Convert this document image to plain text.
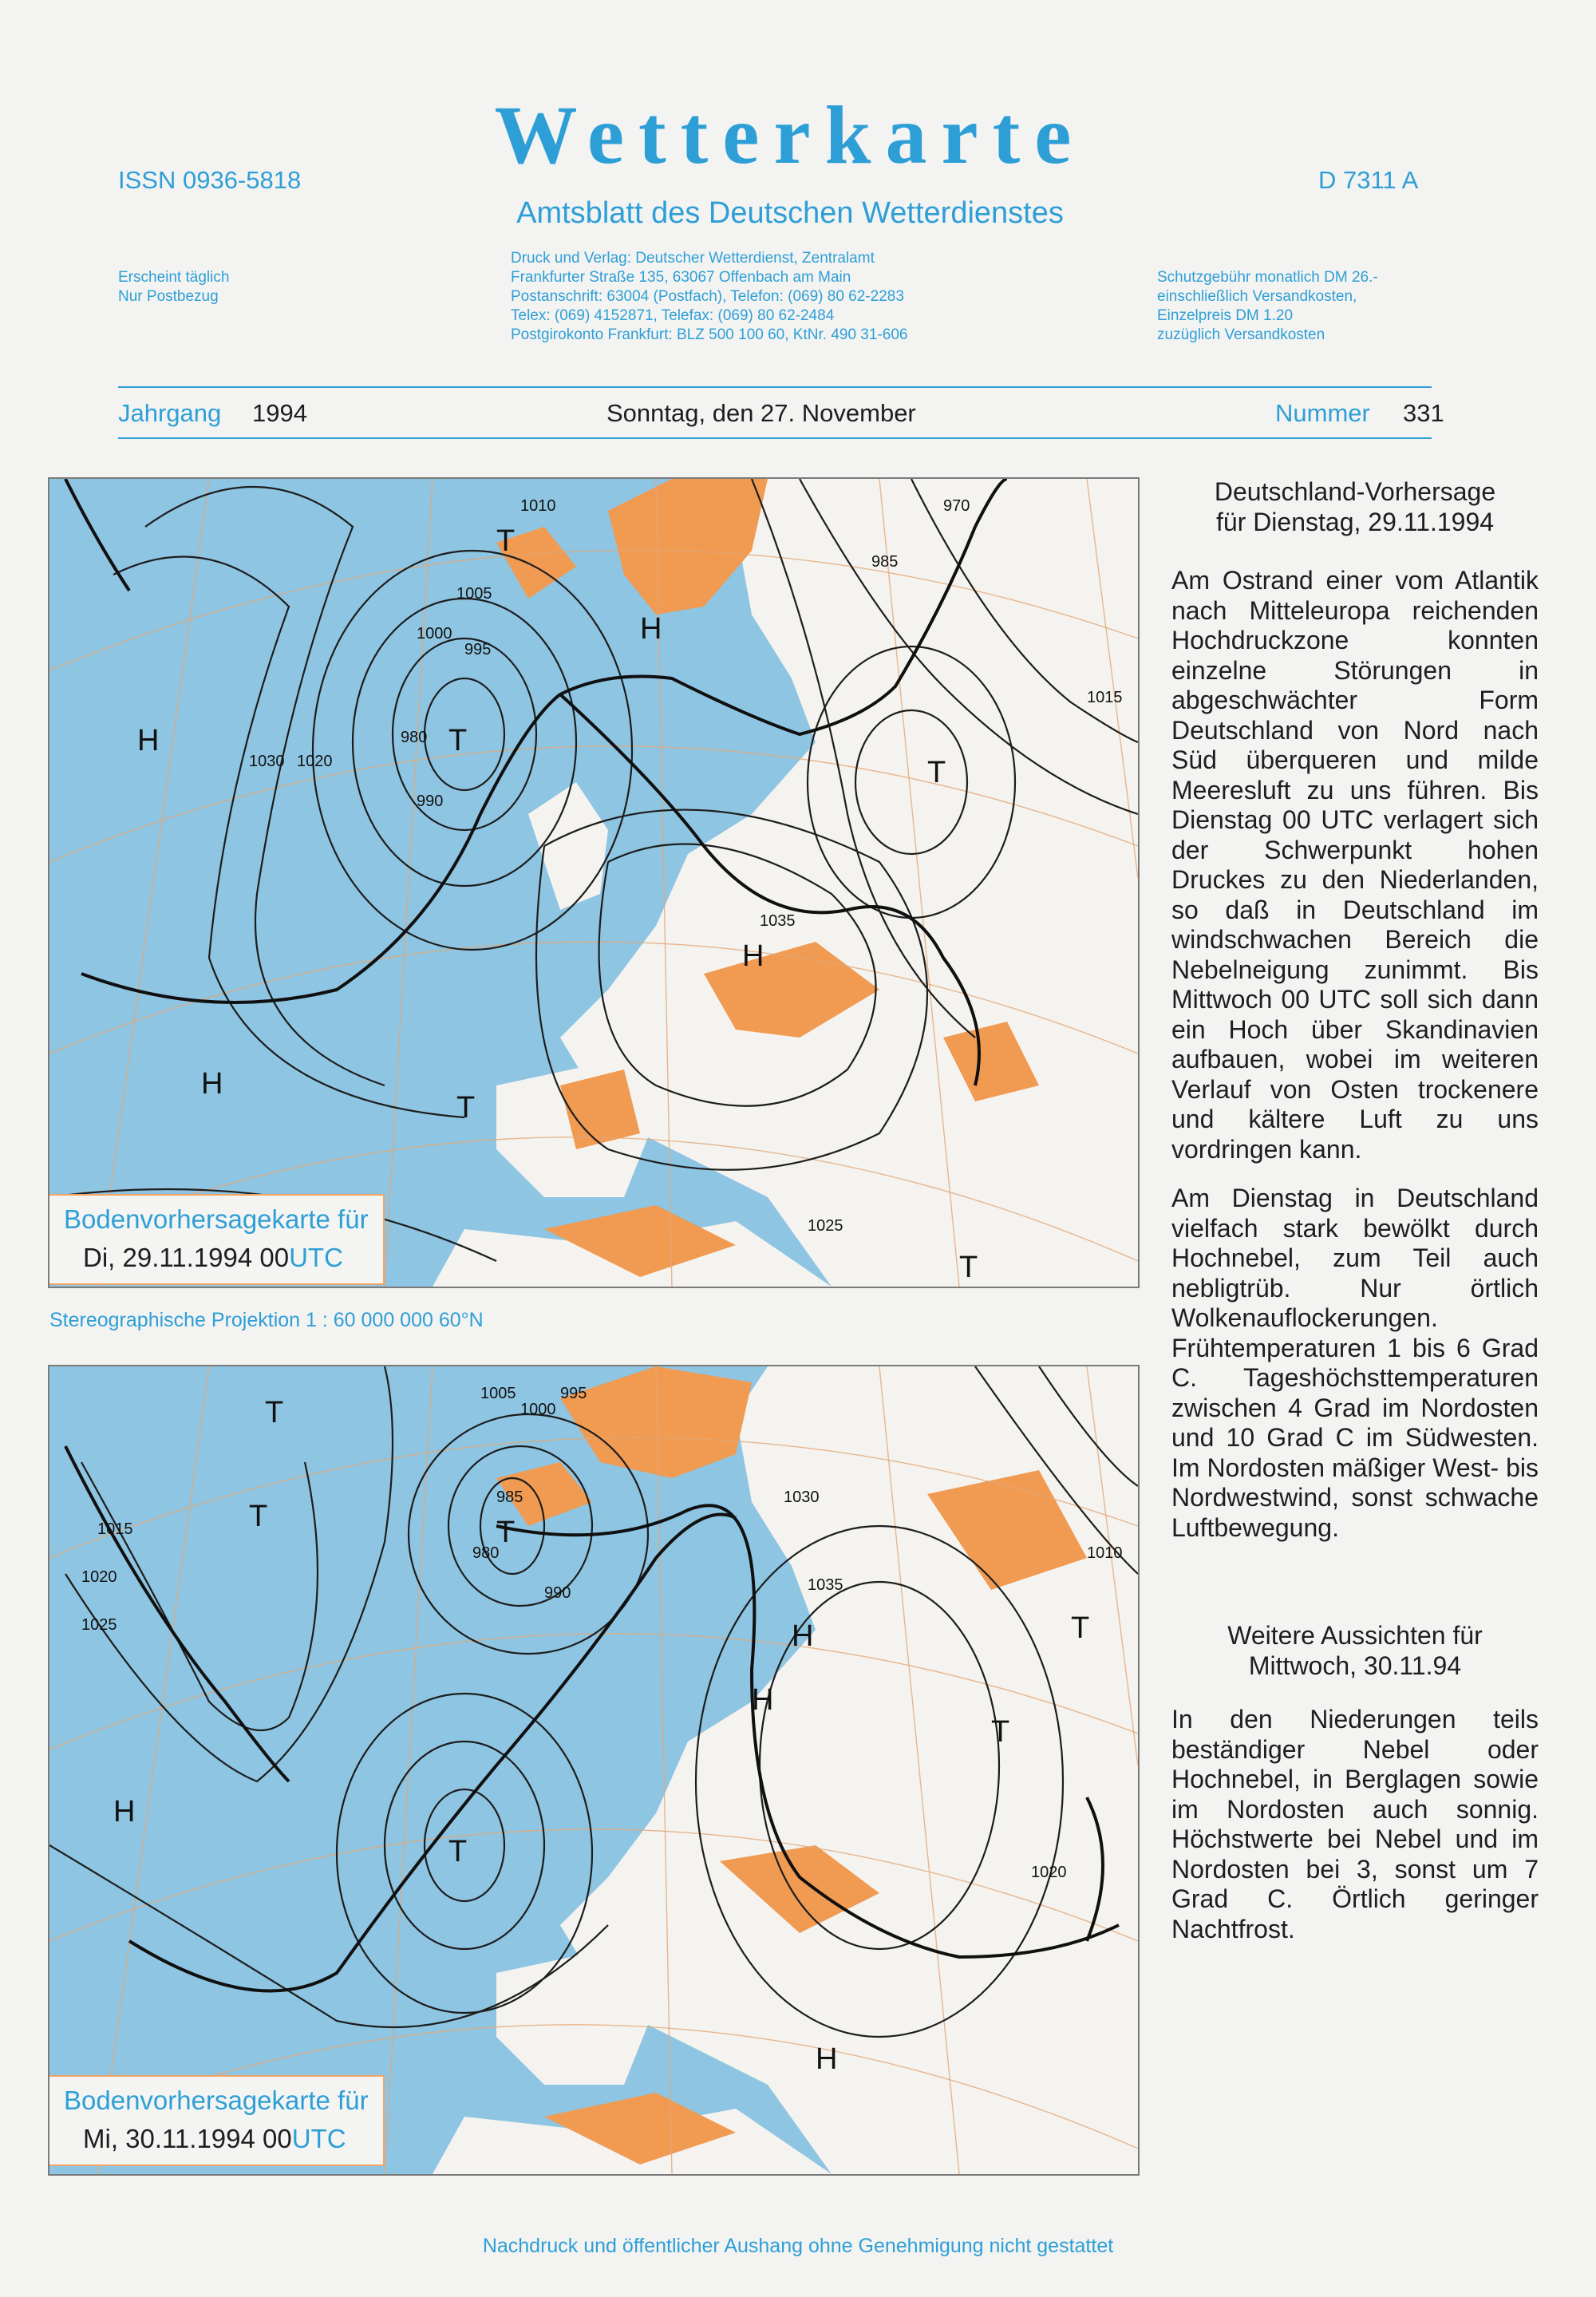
ISSN 0936-5818	Wetterkarte	D 7311 A
Amtsblatt des Deutschen Wetterdienstes
Erscheint täglich
Nur Postbezug
Druck und Verlag: Deutscher Wetterdienst, Zentralamt
Frankfurter Straße 135, 63067 Offenbach am Main
Postanschrift: 63004 (Postfach), Telefon: (069) 80 62-2283
Telex: (069) 4152871, Telefax: (069) 80 62-2484
Postgirokonto Frankfurt: BLZ 500 100 60, KtNr. 490 31-606
Schutzgebühr monatlich DM 26.-
einschließlich Versandkosten,
Einzelpreis DM 1.20
zuzüglich Versandkosten
Jahrgang 1994	Sonntag, den 27. November	Nummer 331
H
H
H
H
T
T
T
T
T
1010
1005
1000
995
990
985
980
1015
1020
1030
1035
1025
970
Bodenvorhersagekarte für
Di, 29.11.1994 00UTC
Stereographische Projektion 1 : 60 000 000 60°N
H
H
H
H
T
T
T
T
T
T
1005
1000
995
1015
1020
1025
1030
1035
990
985
980	1010
1020
Bodenvorhersagekarte für
Mi, 30.11.1994 00UTC
Deutschland-Vorhersage
für Dienstag, 29.11.1994
Am Ostrand einer vom Atlantik nach Mitteleuropa reichenden Hochdruckzone konnten einzelne Störungen in abgeschwächter Form Deutschland von Nord nach Süd überqueren und milde Meeresluft zu uns führen. Bis Dienstag 00 UTC verlagert sich der Schwerpunkt hohen Druckes zu den Niederlanden, so daß in Deutschland im windschwachen Bereich die Nebelneigung zunimmt. Bis Mittwoch 00 UTC soll sich dann ein Hoch über Skandinavien aufbauen, wobei im weiteren Verlauf von Osten trockenere und kältere Luft zu uns vordringen kann.
Am Dienstag in Deutschland vielfach stark bewölkt durch Hochnebel, zum Teil auch nebligtrüb. Nur örtlich Wolkenauflockerungen. Frühtemperaturen 1 bis 6 Grad C. Tageshöchsttemperaturen zwischen 4 Grad im Nordosten und 10 Grad C im Südwesten. Im Nordosten mäßiger West- bis Nordwestwind, sonst schwache Luftbewegung.
Weitere Aussichten für
Mittwoch, 30.11.94
In den Niederungen teils beständiger Nebel oder Hochnebel, in Berglagen sowie im Nordosten auch sonnig. Höchstwerte bei Nebel und im Nordosten bei 3, sonst um 7 Grad C. Örtlich geringer Nachtfrost.
Nachdruck und öffentlicher Aushang ohne Genehmigung nicht gestattet
